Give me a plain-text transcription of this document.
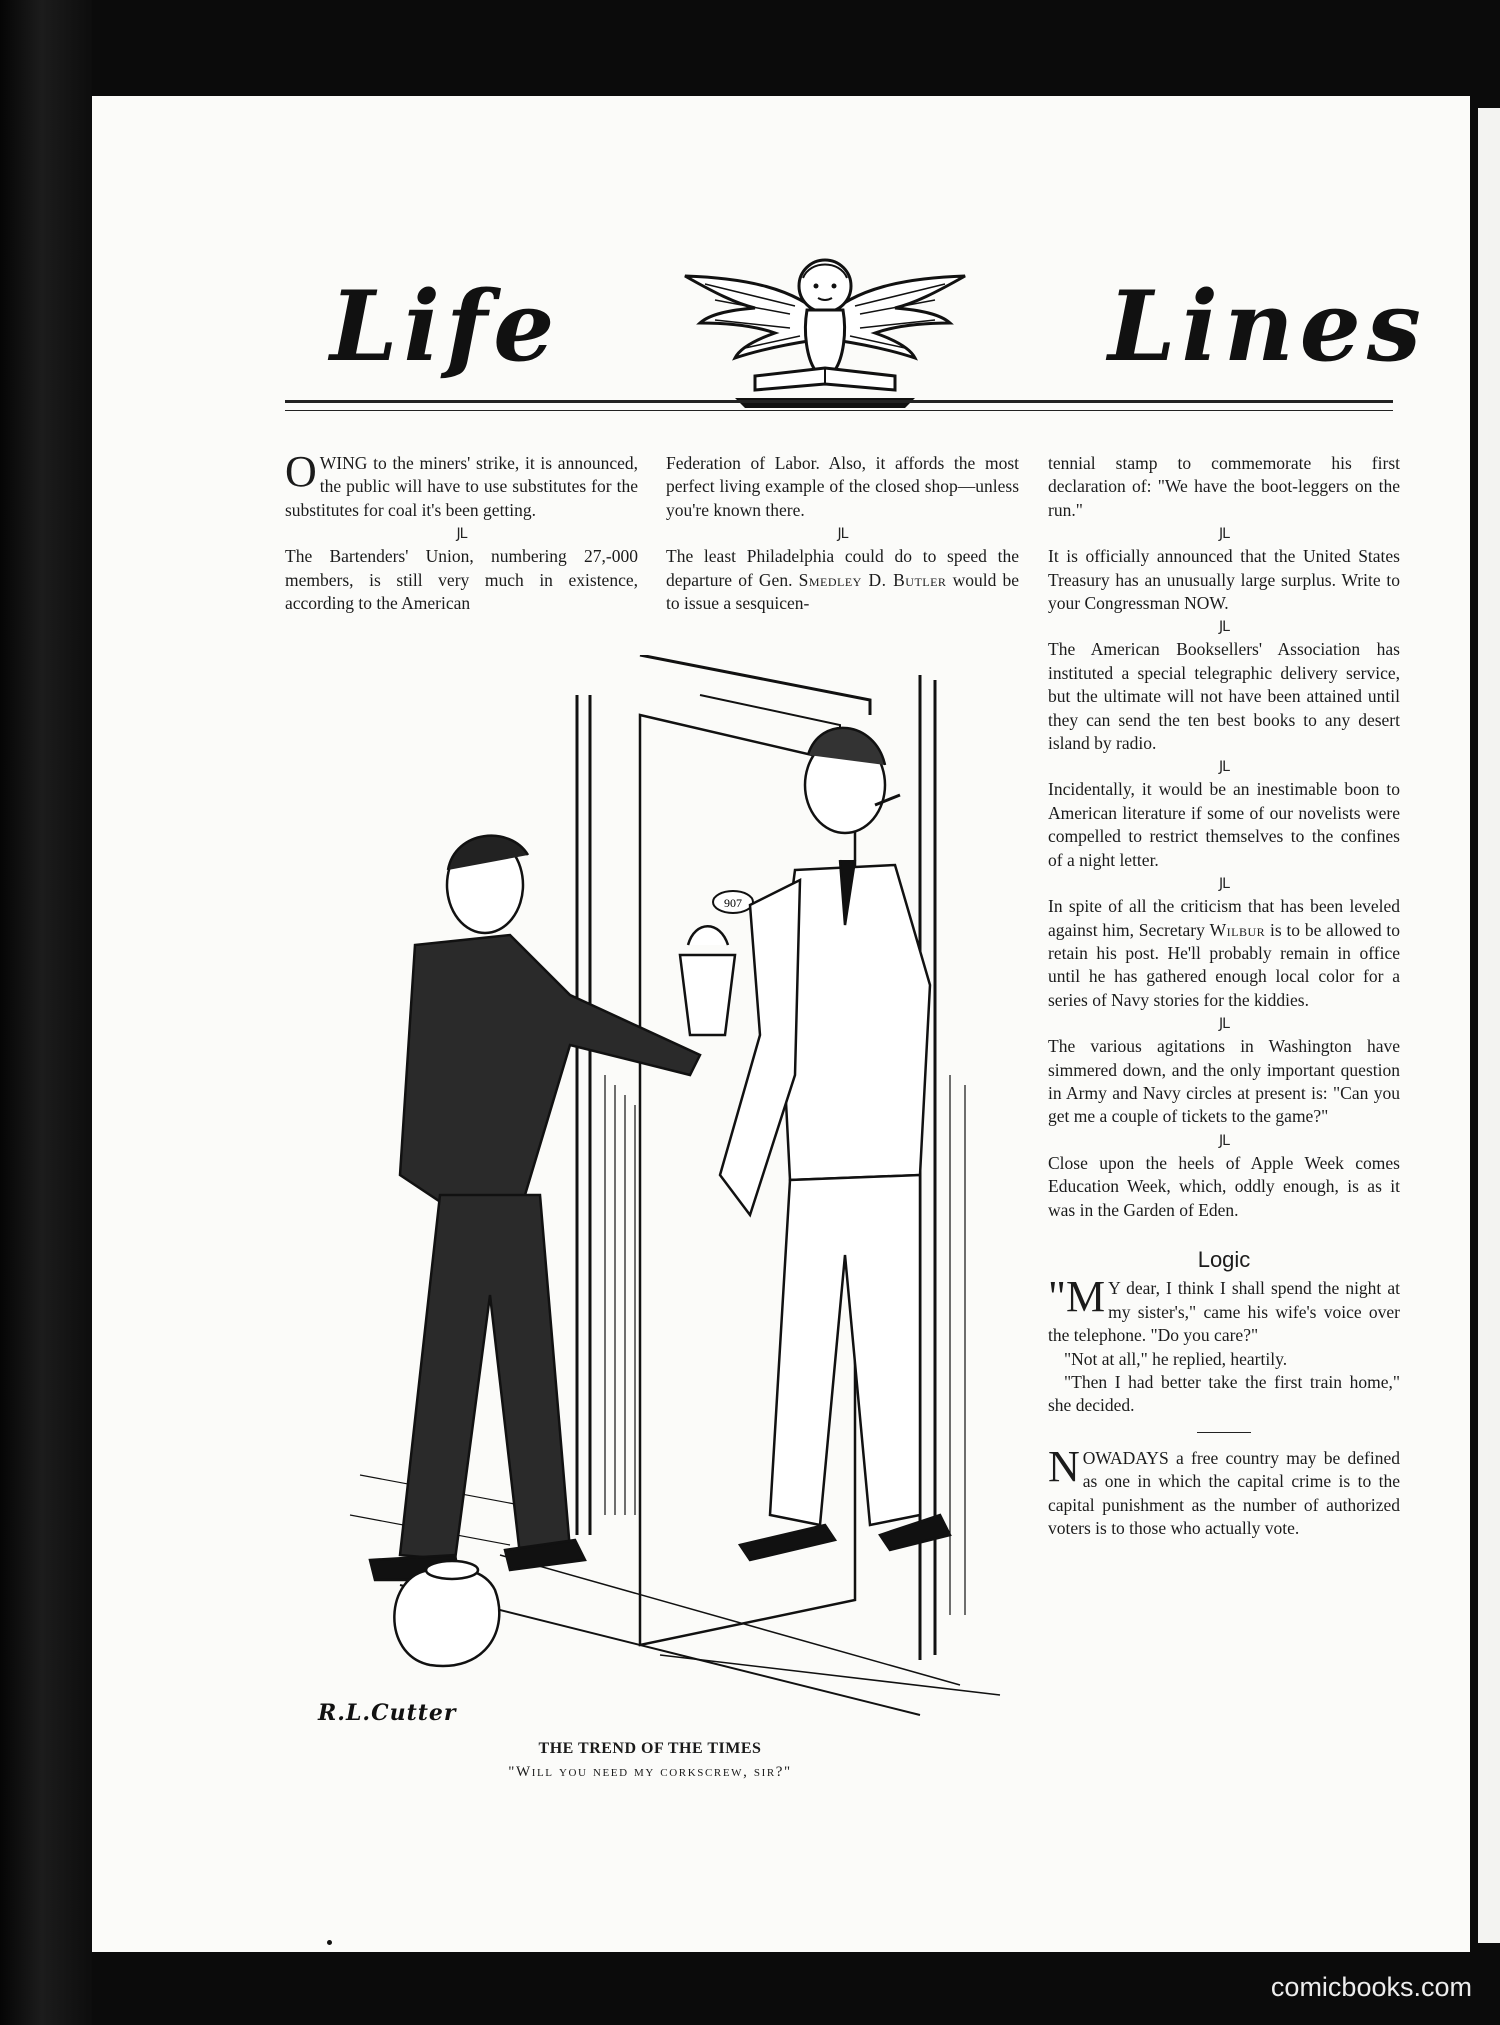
Life	Lines

OWING to the miners' strike, it is announced, the public will have to use substitutes for the substitutes for coal it's been getting.

JL

The Bartenders' Union, numbering 27,-000 members, is still very much in existence, according to the American

Federation of Labor. Also, it affords the most perfect living example of the closed shop—unless you're known there.

JL

The least Philadelphia could do to speed the departure of Gen. Smedley D. Butler would be to issue a sesquicen-

tennial stamp to commemorate his first declaration of: "We have the boot-leggers on the run."

JL

It is officially announced that the United States Treasury has an unusually large surplus. Write to your Congressman NOW.

JL

The American Booksellers' Association has instituted a special telegraphic delivery service, but the ultimate will not have been attained until they can send the ten best books to any desert island by radio.

JL

Incidentally, it would be an inestimable boon to American literature if some of our novelists were compelled to restrict themselves to the confines of a night letter.

JL

In spite of all the criticism that has been leveled against him, Secretary Wilbur is to be allowed to retain his post. He'll probably remain in office until he has gathered enough local color for a series of Navy stories for the kiddies.

JL

The various agitations in Washington have simmered down, and the only important question in Army and Navy circles at present is: "Can you get me a couple of tickets to the game?"

JL

Close upon the heels of Apple Week comes Education Week, which, oddly enough, is as it was in the Garden of Eden.

Logic

"M Y dear, I think I shall spend the night at my sister's," came his wife's voice over the telephone. "Do you care?"

"Not at all," he replied, heartily.

"Then I had better take the first train home," she decided.

NOWADAYS a free country may be defined as one in which the capital crime is to the capital punishment as the number of authorized voters is to those who actually vote.

907
R.L.Cutter
THE TREND OF THE TIMES
"Will you need my corkscrew, sir?"
comicbooks.com
